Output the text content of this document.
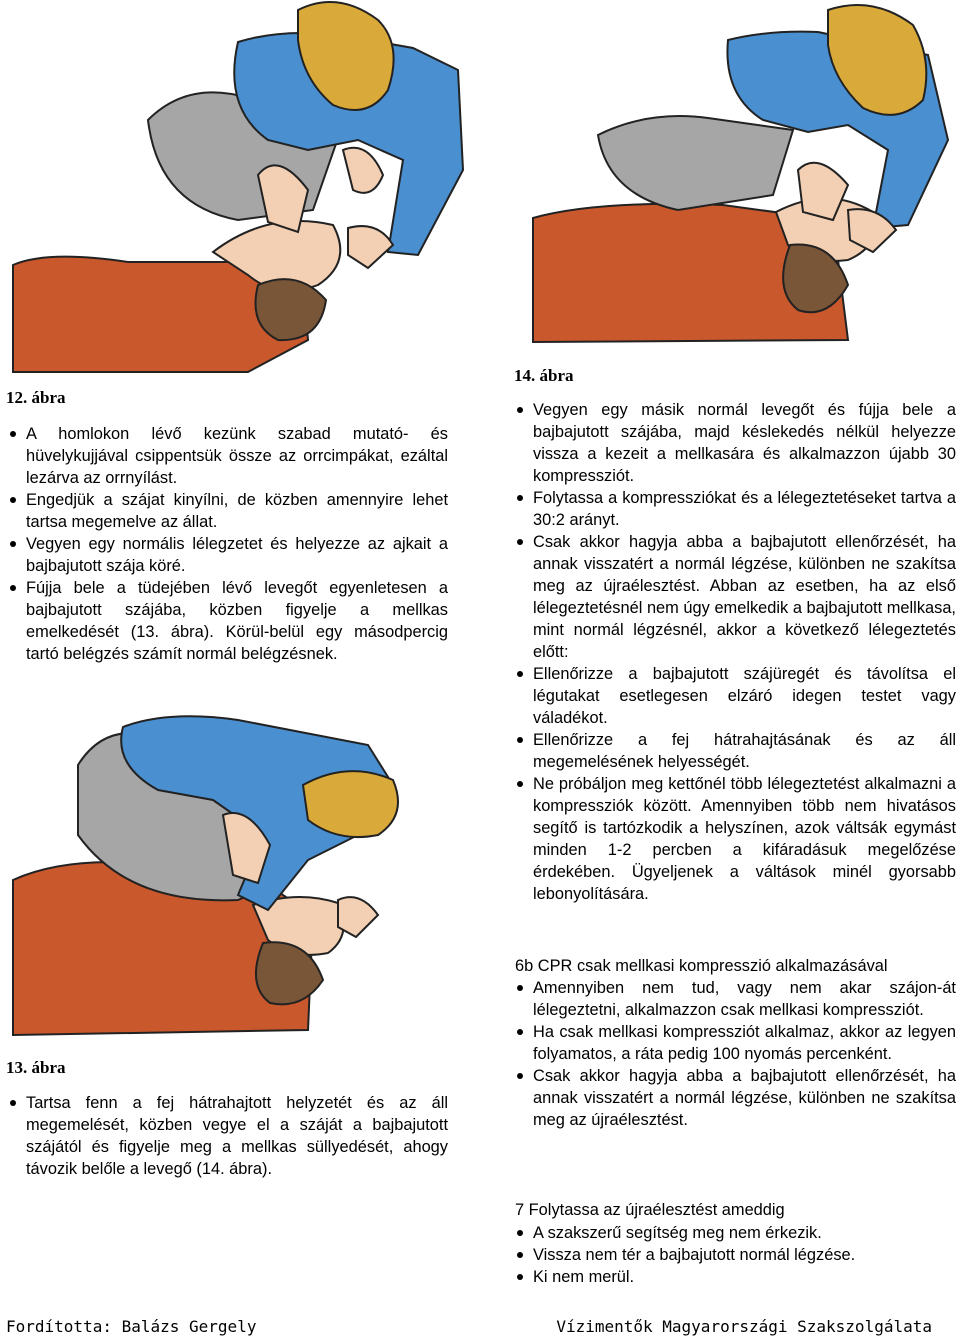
12. ábra
A homlokon lévő kezünk szabad mutató- és hüvelykujjával csippentsük össze az orrcimpákat, ezáltal lezárva az orrnyílást.
Engedjük a szájat kinyílni, de közben amennyire lehet tartsa megemelve az állat.
Vegyen egy normális lélegzetet és helyezze az ajkait a bajbajutott szája köré.
Fújja bele a tüdejében lévő levegőt egyenletesen a bajbajutott szájába, közben figyelje a mellkas emelkedését (13. ábra). Körül-belül egy másodpercig tartó belégzés számít normál belégzésnek.
13. ábra
Tartsa fenn a fej hátrahajtott helyzetét és az áll megemelését, közben vegye el a száját a bajbajutott szájától és figyelje meg a mellkas süllyedését, ahogy távozik belőle a levegő (14. ábra).
14. ábra
Vegyen egy másik normál levegőt és fújja bele a bajbajutott szájába, majd késlekedés nélkül helyezze vissza a kezeit a mellkasára és alkalmazzon újabb 30 kompressziót.
Folytassa a kompressziókat és a lélegeztetéseket tartva a 30:2 arányt.
Csak akkor hagyja abba a bajbajutott ellenőrzését, ha annak visszatért a normál légzése, különben ne szakítsa meg az újraélesztést. Abban az esetben, ha az első lélegeztetésnél nem úgy emelkedik a bajbajutott mellkasa, mint normál légzésnél, akkor a következő lélegeztetés előtt:
Ellenőrizze a bajbajutott szájüregét és távolítsa el légutakat esetlegesen elzáró idegen testet vagy váladékot.
Ellenőrizze a fej hátrahajtásának és az áll megemelésének helyességét.
Ne próbáljon meg kettőnél több lélegeztetést alkalmazni a kompressziók között. Amennyiben több nem hivatásos segítő is tartózkodik a helyszínen, azok váltsák egymást minden 1-2 percben a kifáradásuk megelőzése érdekében. Ügyeljenek a váltások minél gyorsabb lebonyolítására.
6b CPR csak mellkasi kompresszió alkalmazásával
Amennyiben nem tud, vagy nem akar szájon-át lélegeztetni, alkalmazzon csak mellkasi kompressziót.
Ha csak mellkasi kompressziót alkalmaz, akkor az legyen folyamatos, a ráta pedig 100 nyomás percenként.
Csak akkor hagyja abba a bajbajutott ellenőrzését, ha annak visszatért a normál légzése, különben ne szakítsa meg az újraélesztést.
7 Folytassa az újraélesztést ameddig
A szakszerű segítség meg nem érkezik.
Vissza nem tér a bajbajutott normál légzése.
Ki nem merül.
Fordította: Balázs Gergely	Vízimentők Magyarországi Szakszolgálata
